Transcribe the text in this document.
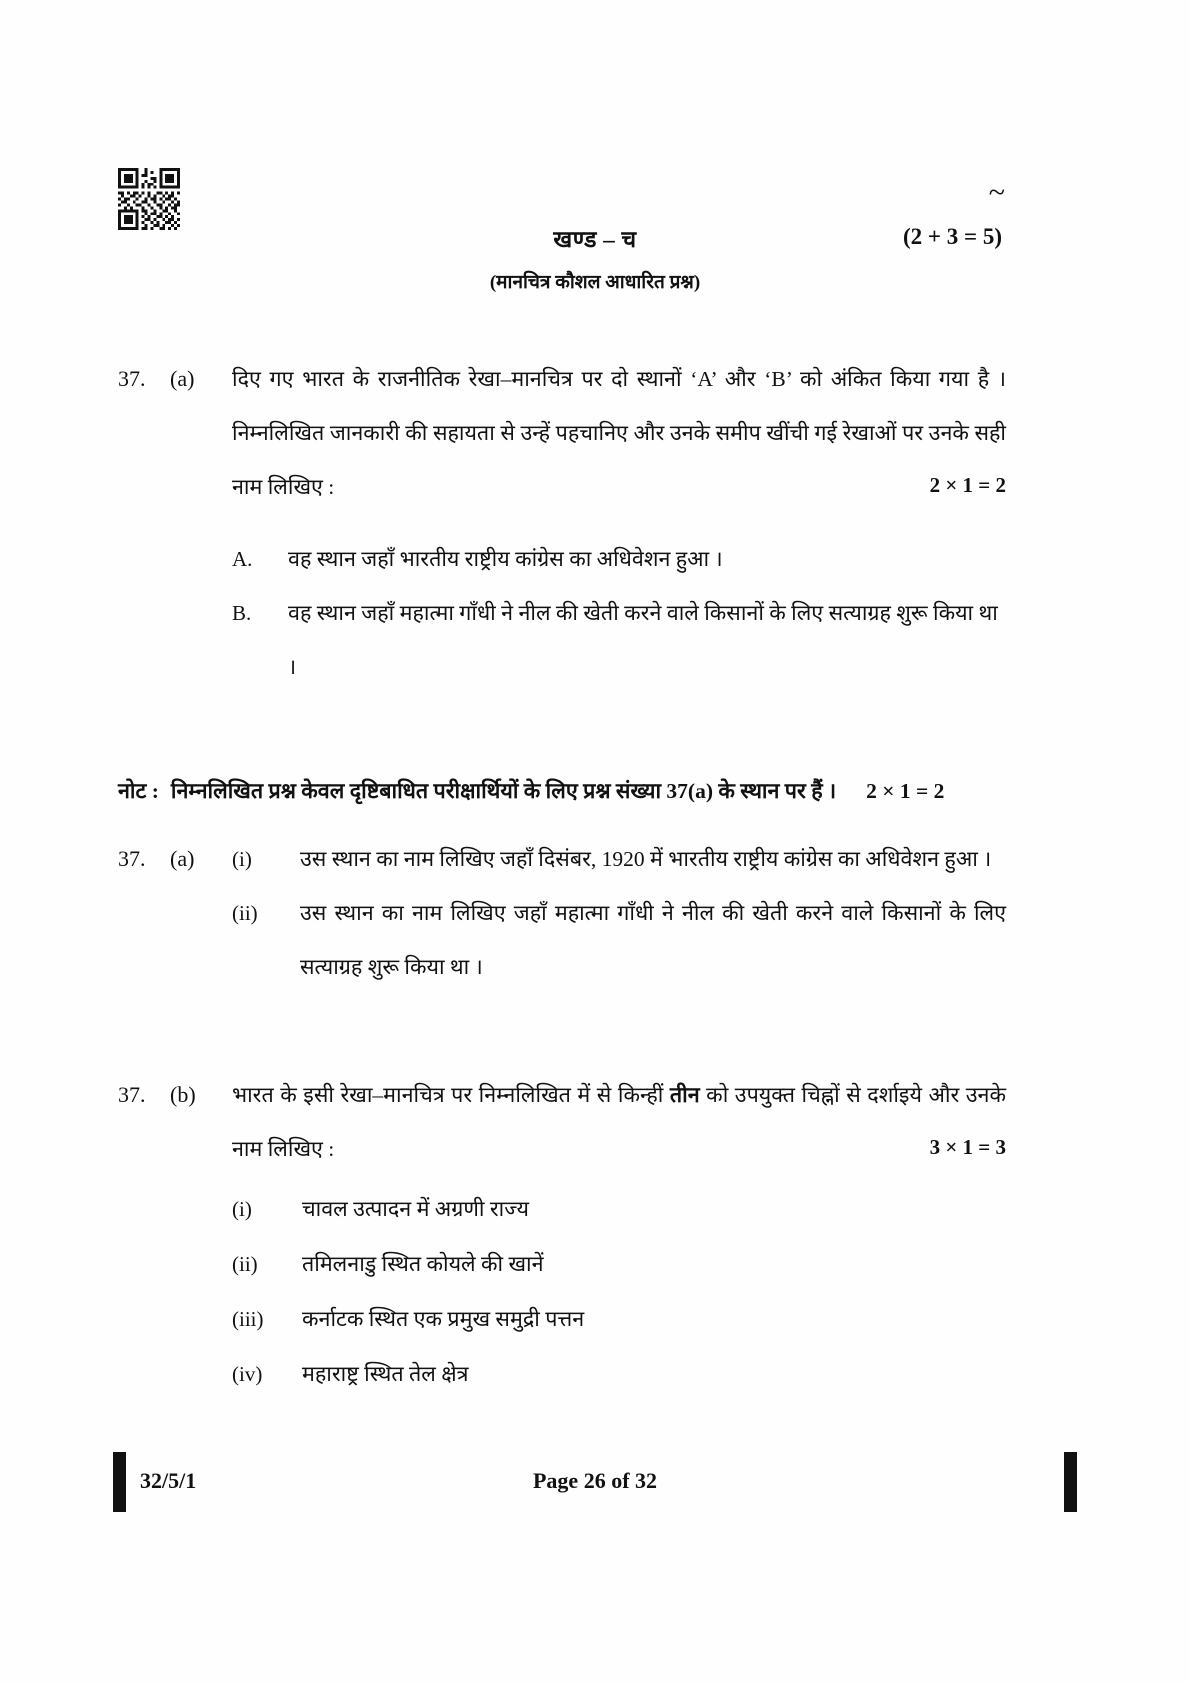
~
खण्ड – च	(2 + 3 = 5)
(मानचित्र कौशल आधारित प्रश्न)
37.	(a)	दिए गए भारत के राजनीतिक रेखा–मानचित्र पर दो स्थानों ‘A’ और ‘B’ को अंकित किया गया है । निम्नलिखित जानकारी की सहायता से उन्हें पहचानिए और उनके समीप खींची गई रेखाओं पर उनके सही नाम लिखिए :	2 × 1 = 2
A.	वह स्थान जहाँ भारतीय राष्ट्रीय कांग्रेस का अधिवेशन हुआ ।
B.	वह स्थान जहाँ महात्मा गाँधी ने नील की खेती करने वाले किसानों के लिए सत्याग्रह शुरू किया था ।
नोट : निम्नलिखित प्रश्न केवल दृष्टिबाधित परीक्षार्थियों के लिए प्रश्न संख्या 37(a) के स्थान पर हैं । 2 × 1 = 2
37.	(a)	(i)	उस स्थान का नाम लिखिए जहाँ दिसंबर, 1920 में भारतीय राष्ट्रीय कांग्रेस का अधिवेशन हुआ ।

(ii)	उस स्थान का नाम लिखिए जहाँ महात्मा गाँधी ने नील की खेती करने वाले किसानों के लिए सत्याग्रह शुरू किया था ।

37.	(b)	भारत के इसी रेखा–मानचित्र पर निम्नलिखित में से किन्हीं तीन को उपयुक्त चिह्नों से दर्शाइये और उनके नाम लिखिए :	3 × 1 = 3
(i)	चावल उत्पादन में अग्रणी राज्य
(ii)	तमिलनाडु स्थित कोयले की खानें
(iii)	कर्नाटक स्थित एक प्रमुख समुद्री पत्तन
(iv)	महाराष्ट्र स्थित तेल क्षेत्र
32/5/1	Page 26 of 32
